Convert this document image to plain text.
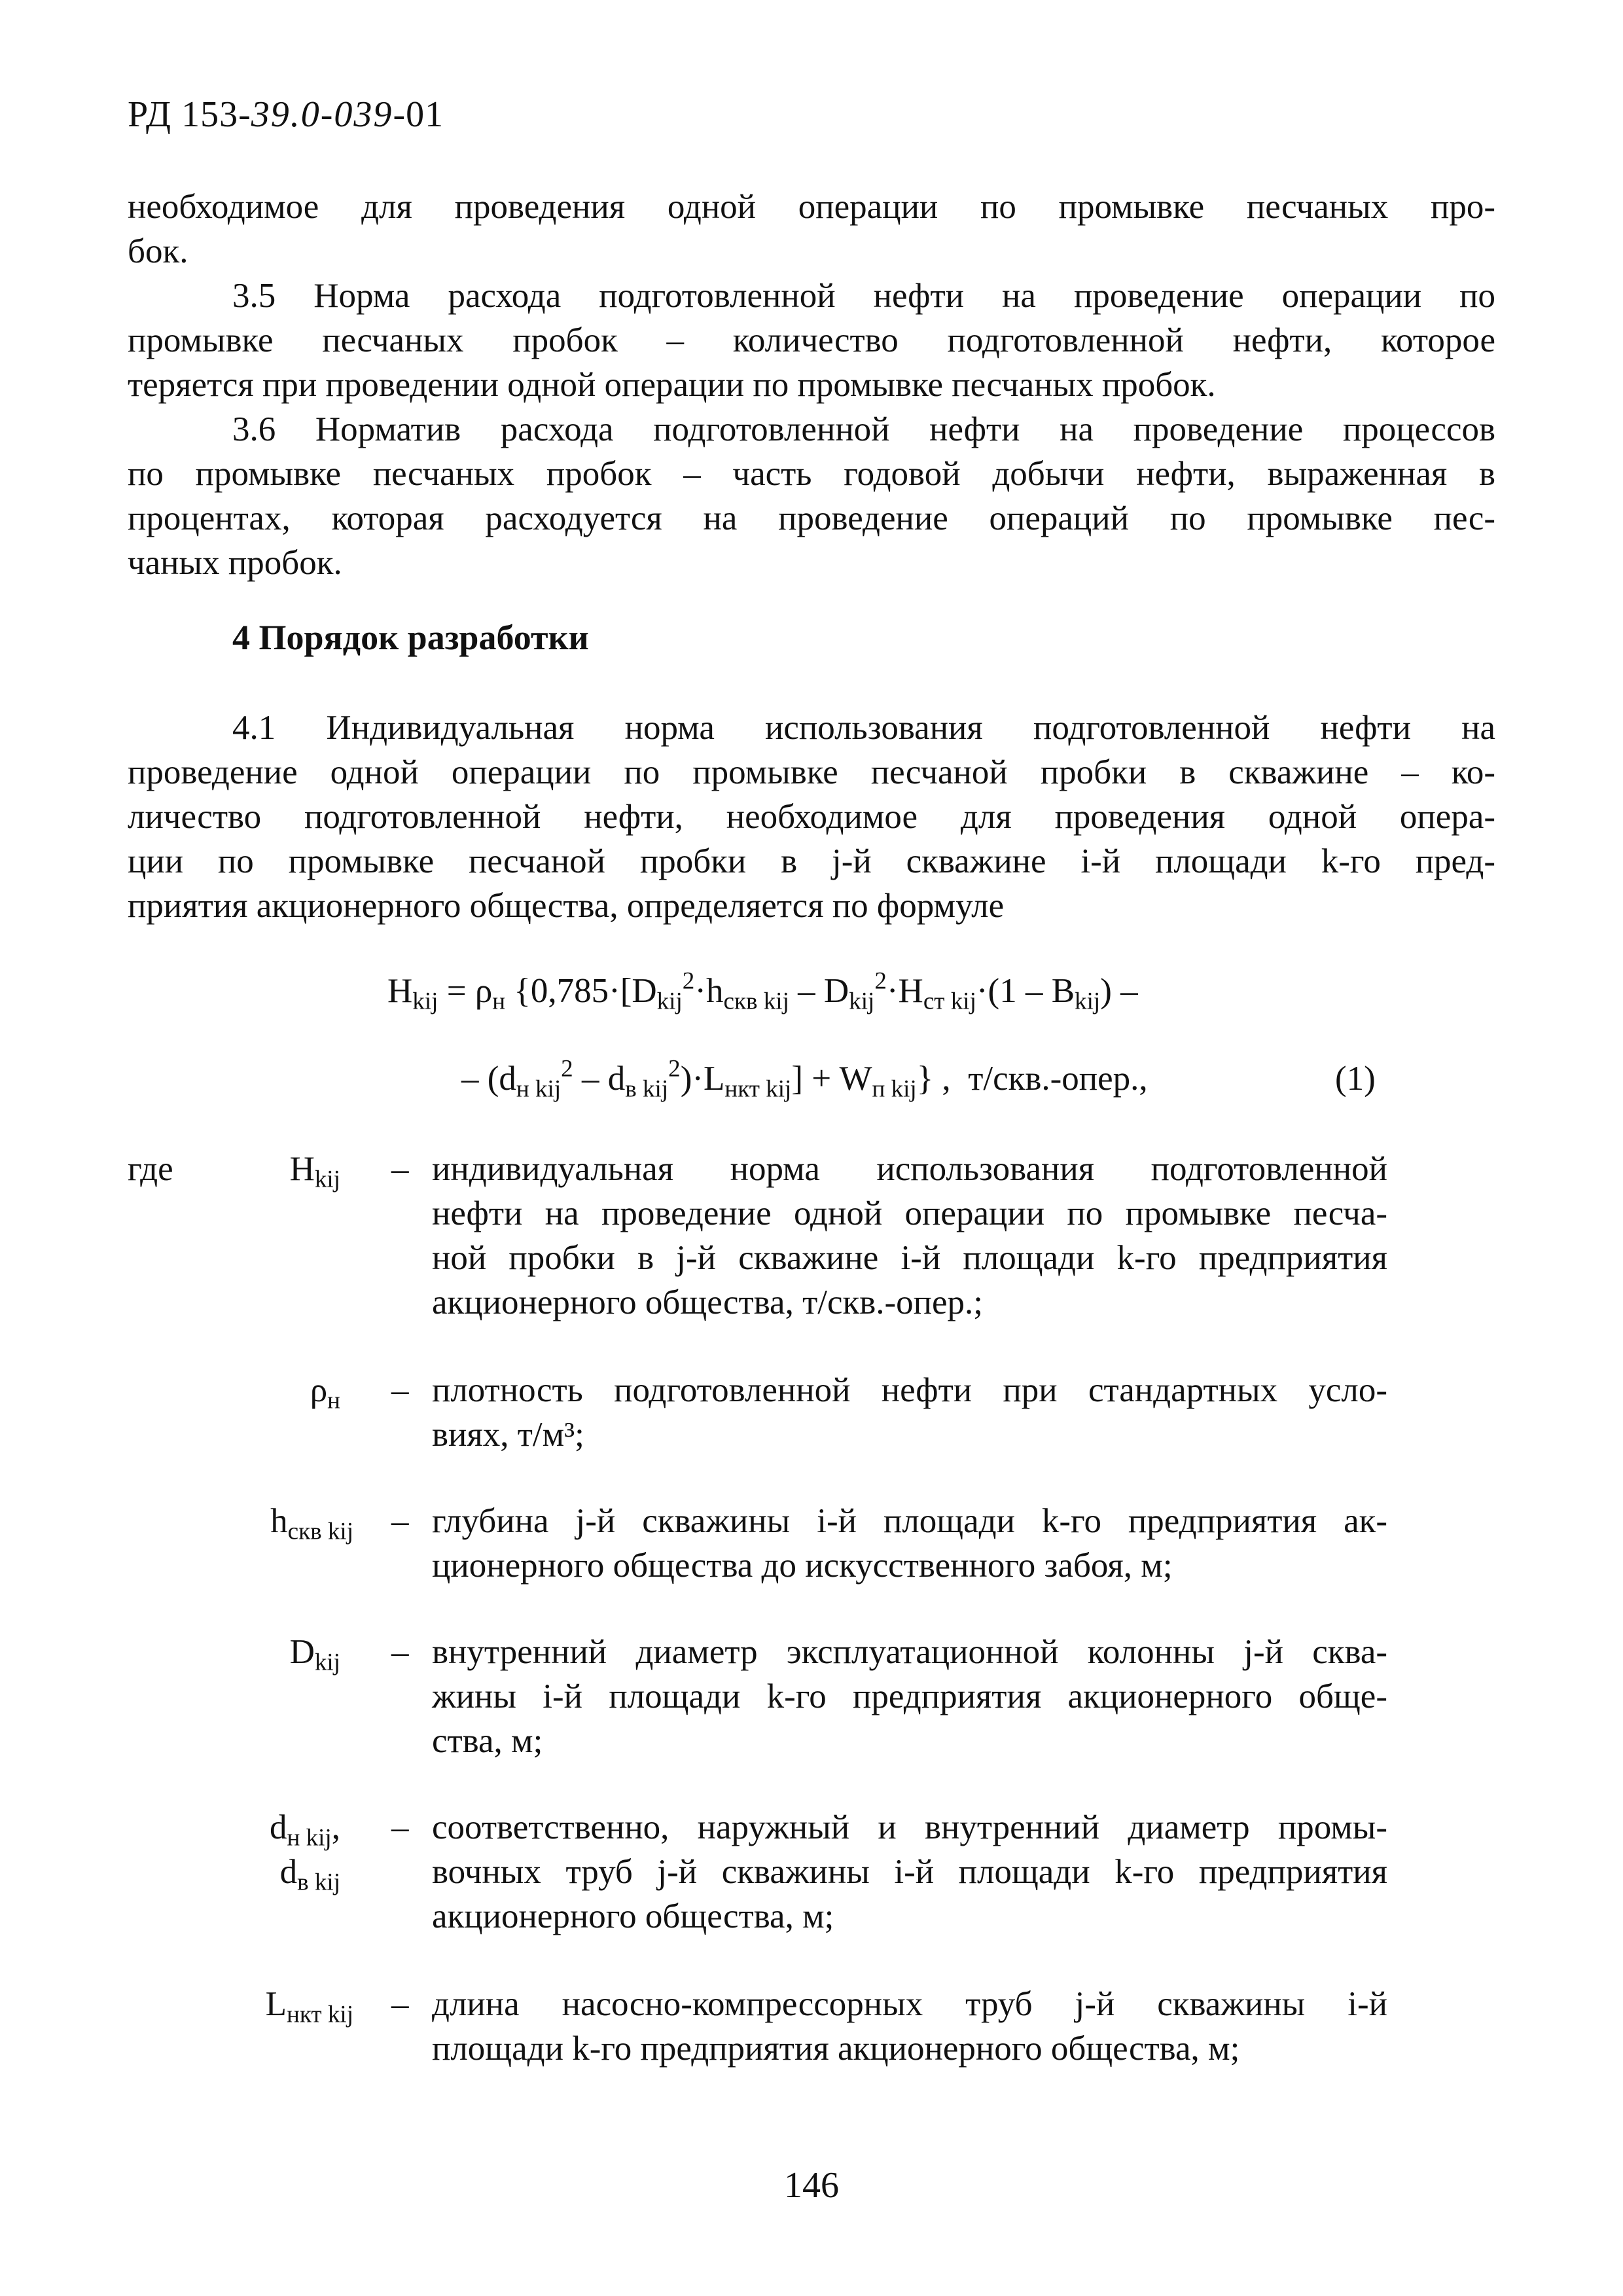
РД 153-39.0-039-01
необходимое для проведения одной операции по промывке песчаных про-
бок.
3.5 Норма расхода подготовленной нефти на проведение операции по
промывке песчаных пробок – количество подготовленной нефти, которое
теряется при проведении одной операции по промывке песчаных пробок.
3.6 Норматив расхода подготовленной нефти на проведение процессов
по промывке песчаных пробок – часть годовой добычи нефти, выраженная в
процентах, которая расходуется на проведение операций по промывке пес-
чаных пробок.
4 Порядок разработки
4.1 Индивидуальная норма использования подготовленной нефти на
проведение одной операции по промывке песчаной пробки в скважине – ко-
личество подготовленной нефти, необходимое для проведения одной опера-
ции по промывке песчаной пробки в j-й скважине i-й площади k-го пред-
приятия акционерного общества, определяется по формуле
$H_{kij} = \rho_н$ {$0,785\cdot[D_{kij}^2\cdot h_{скв kij} - D_{kij}^2\cdot H_{ст kij}\cdot(1 - B_{kij})$ –
– $(d_{н kij}^2 - d_{в kij}^2)\cdot L_{нкт kij}] + W_{п kij}$} ,  т/скв.-опер.,	(1)
где	$H_{kij}$ – индивидуальная норма использования подготовленной
нефти на проведение одной операции по промывке песча-
ной пробки в j-й скважине i-й площади k-го предприятия
акционерного общества, т/скв.-опер.;
$\rho_н$ – плотность подготовленной нефти при стандартных усло-
виях, т/м³;
$h_{скв kij}$ – глубина j-й скважины i-й площади k-го предприятия ак-
ционерного общества до искусственного забоя, м;
$D_{kij}$ – внутренний диаметр эксплуатационной колонны j-й сква-
жины i-й площади k-го предприятия акционерного обще-
ства, м;
$d_{н kij}$,
$d_{в kij}$
– соответственно, наружный и внутренний диаметр промы-
вочных труб j-й скважины i-й площади k-го предприятия
акционерного общества, м;
$L_{нкт kij}$ – длина насосно-компрессорных труб j-й скважины i-й
площади k-го предприятия акционерного общества, м;
146
